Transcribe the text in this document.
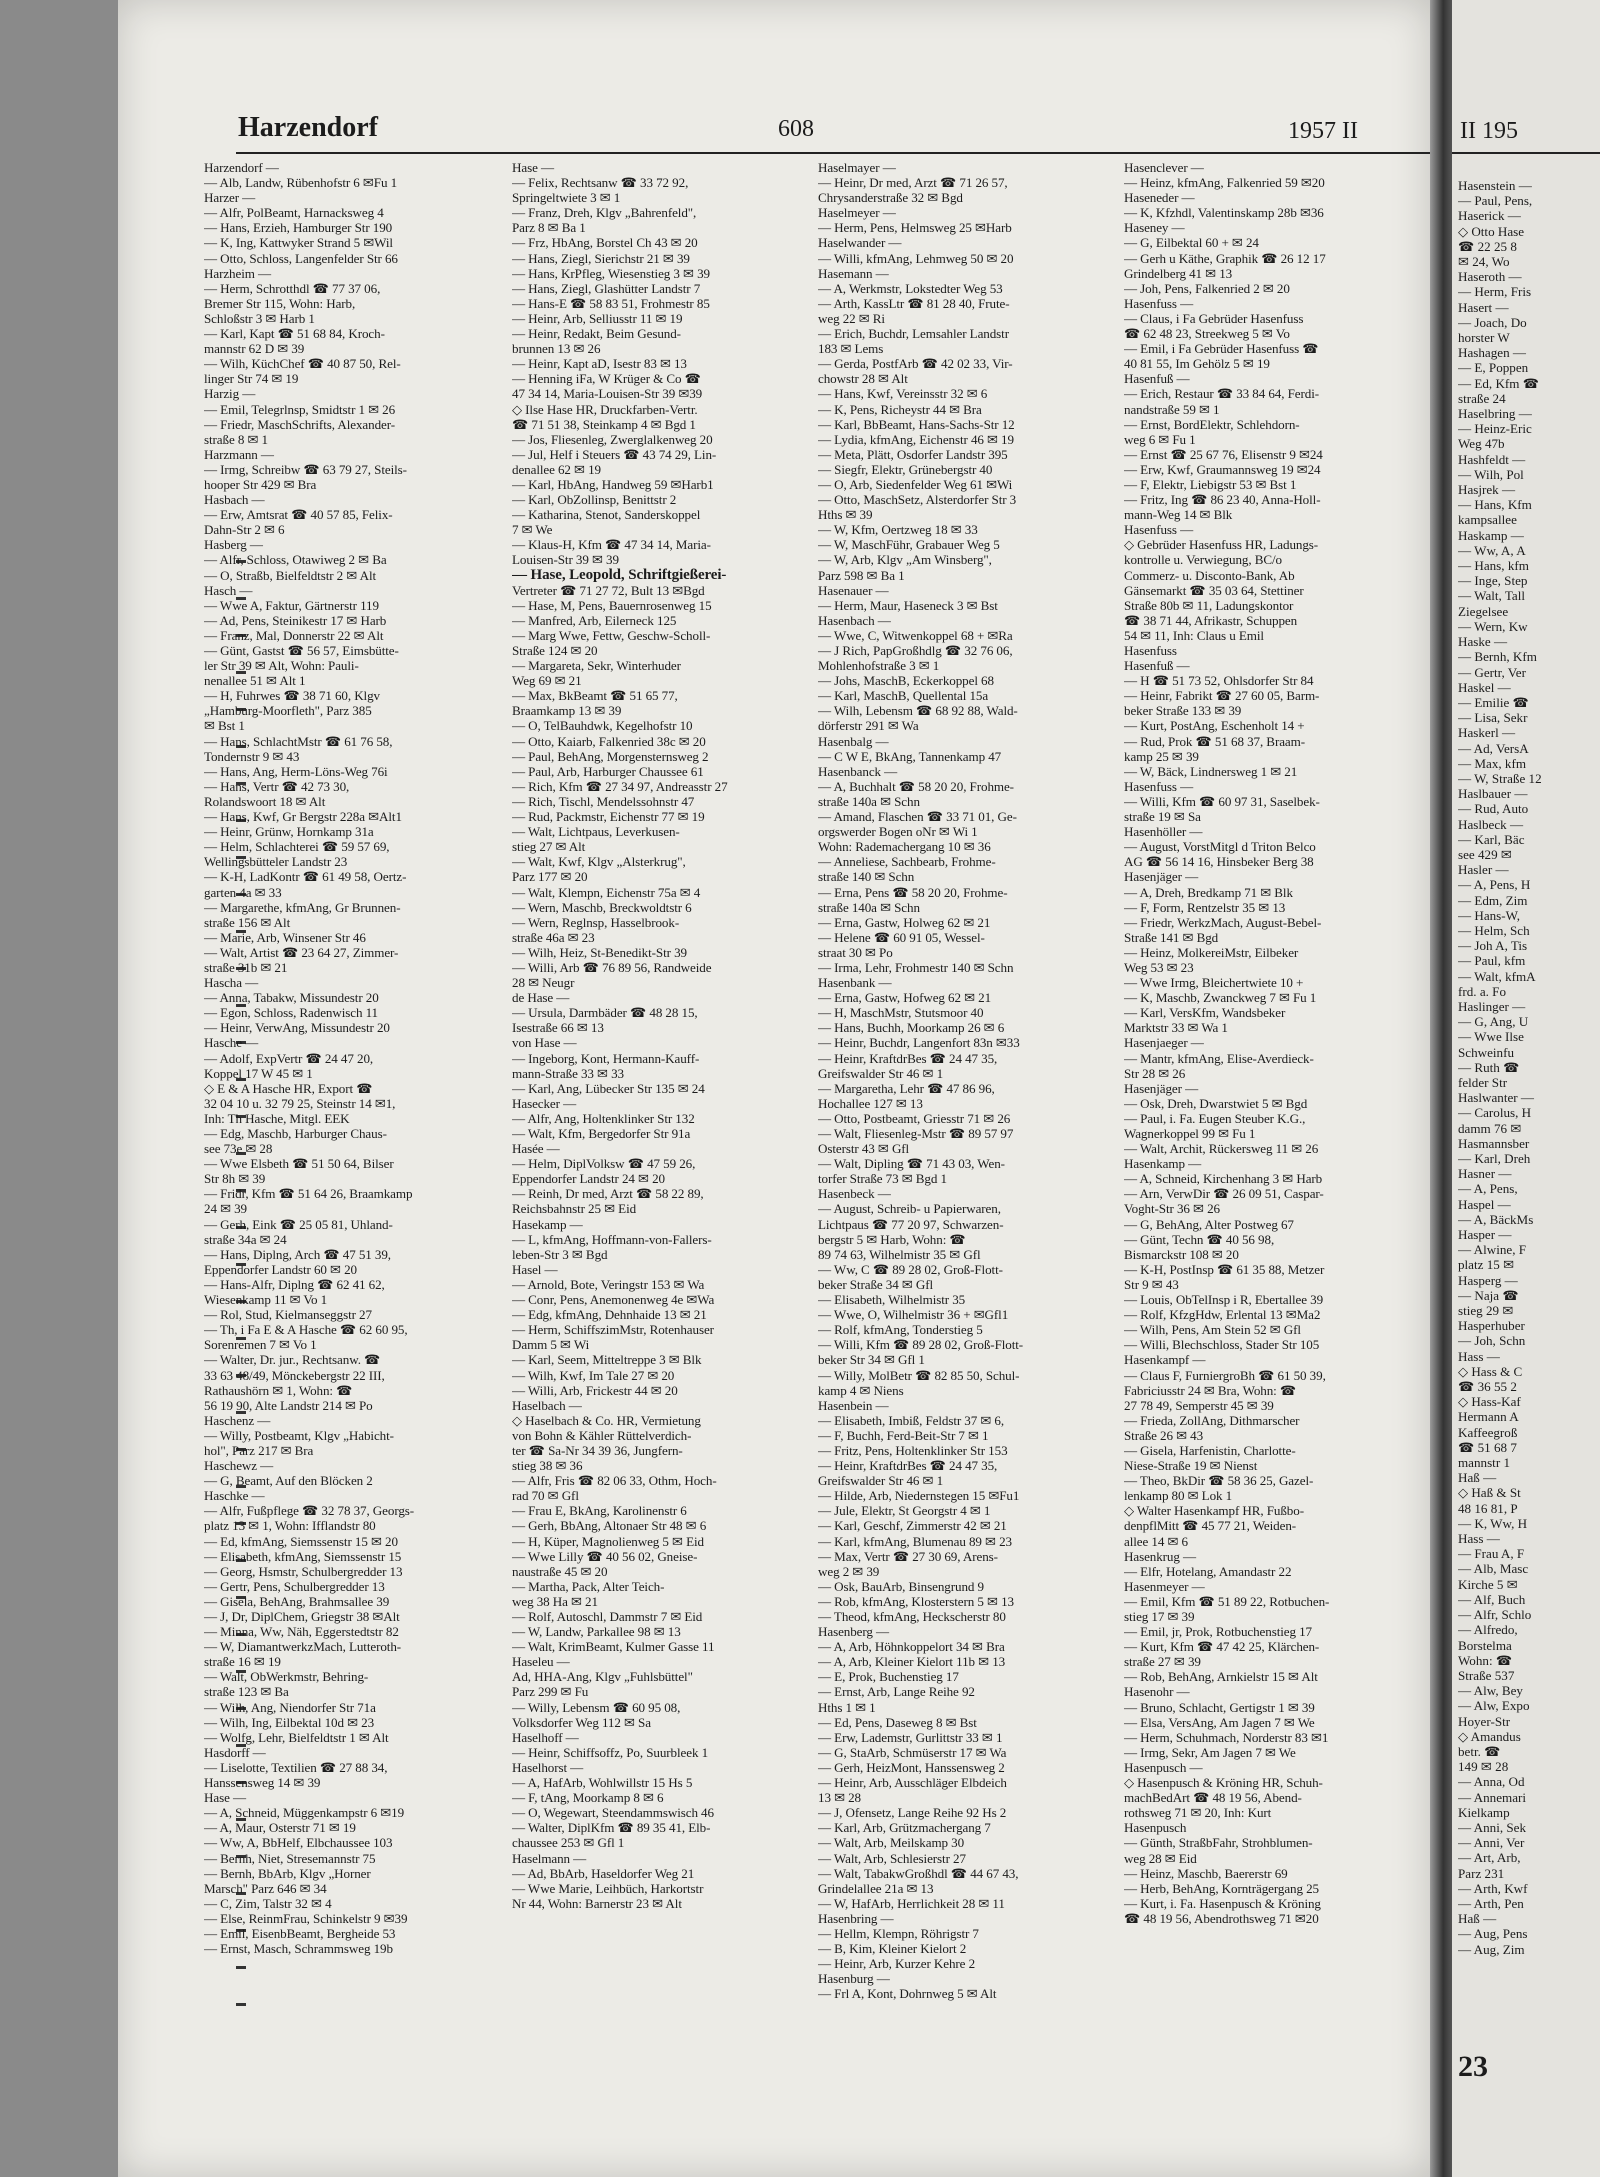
Harzendorf	608	1957 II
Harzendorf —
— Alb, Landw, Rübenhofstr 6 ✉Fu 1
Harzer —
— Alfr, PolBeamt, Harnacksweg 4
— Hans, Erzieh, Hamburger Str 190
— K, Ing, Kattwyker Strand 5 ✉Wil
— Otto, Schloss, Langenfelder Str 66
Harzheim —
— Herm, Schrotthdl ☎ 77 37 06,
Bremer Str 115, Wohn: Harb,
Schloßstr 3 ✉ Harb 1
— Karl, Kapt ☎ 51 68 84, Kroch-
mannstr 62 D ✉ 39
— Wilh, KüchChef ☎ 40 87 50, Rel-
linger Str 74 ✉ 19
Harzig —
— Emil, Telegrlnsp, Smidtstr 1 ✉ 26
— Friedr, MaschSchrifts, Alexander-
straße 8 ✉ 1
Harzmann —
— Irmg, Schreibw ☎ 63 79 27, Steils-
hooper Str 429 ✉ Bra
Hasbach —
— Erw, Amtsrat ☎ 40 57 85, Felix-
Dahn-Str 2 ✉ 6
Hasberg —
— Alfr, Schloss, Otawiweg 2 ✉ Ba
— O, Straßb, Bielfeldtstr 2 ✉ Alt
Hasch —
— Wwe A, Faktur, Gärtnerstr 119
— Ad, Pens, Steinikestr 17 ✉ Harb
— Franz, Mal, Donnerstr 22 ✉ Alt
— Günt, Gastst ☎ 56 57, Eimsbütte-
ler Str 39 ✉ Alt, Wohn: Pauli-
nenallee 51 ✉ Alt 1
— H, Fuhrwes ☎ 38 71 60, Klgv
„Hamburg-Moorfleth", Parz 385
✉ Bst 1
— Hans, SchlachtMstr ☎ 61 76 58,
Tondernstr 9 ✉ 43
— Hans, Ang, Herm-Löns-Weg 76i
— Hans, Vertr ☎ 42 73 30,
Rolandswoort 18 ✉ Alt
— Hans, Kwf, Gr Bergstr 228a ✉Alt1
— Heinr, Grünw, Hornkamp 31a
— Helm, Schlachterei ☎ 59 57 69,
Wellingsbütteler Landstr 23
— K-H, LadKontr ☎ 61 49 58, Oertz-
garten 4a ✉ 33
— Margarethe, kfmAng, Gr Brunnen-
straße 156 ✉ Alt
— Marie, Arb, Winsener Str 46
— Walt, Artist ☎ 23 64 27, Zimmer-
straße 31b ✉ 21
Hascha —
— Anna, Tabakw, Missundestr 20
— Egon, Schloss, Radenwisch 11
— Heinr, VerwAng, Missundestr 20
Hasche —
— Adolf, ExpVertr ☎ 24 47 20,
Koppel 17 W 45 ✉ 1
◇ E & A Hasche HR, Export ☎
32 04 10 u. 32 79 25, Steinstr 14 ✉1,
Inh: Th Hasche, Mitgl. EEK
— Edg, Maschb, Harburger Chaus-
see 73e ✉ 28
— Wwe Elsbeth ☎ 51 50 64, Bilser
Str 8h ✉ 39
— Fridr, Kfm ☎ 51 64 26, Braamkamp
24 ✉ 39
— Gerh, Eink ☎ 25 05 81, Uhland-
straße 34a ✉ 24
— Hans, Diplng, Arch ☎ 47 51 39,
Eppendorfer Landstr 60 ✉ 20
— Hans-Alfr, Diplng ☎ 62 41 62,
Wiesenkamp 11 ✉ Vo 1
— Rol, Stud, Kielmanseggstr 27
— Th, i Fa E & A Hasche ☎ 62 60 95,
Sorenremen 7 ✉ Vo 1
— Walter, Dr. jur., Rechtsanw. ☎
33 63 48/49, Mönckebergstr 22 III,
Rathaushörn ✉ 1, Wohn: ☎
56 19 90, Alte Landstr 214 ✉ Po
Haschenz —
— Willy, Postbeamt, Klgv „Habicht-
hol", Parz 217 ✉ Bra
Haschewz —
— G, Beamt, Auf den Blöcken 2
Haschke —
— Alfr, Fußpflege ☎ 32 78 37, Georgs-
platz 13 ✉ 1, Wohn: Ifflandstr 80
— Ed, kfmAng, Siemssenstr 15 ✉ 20
— Elisabeth, kfmAng, Siemssenstr 15
— Georg, Hsmstr, Schulbergredder 13
— Gertr, Pens, Schulbergredder 13
— Gisela, BehAng, Brahmsallee 39
— J, Dr, DiplChem, Griegstr 38 ✉Alt
— Minna, Ww, Näh, Eggerstedtstr 82
— W, DiamantwerkzMach, Lutteroth-
straße 16 ✉ 19
— Walt, ObWerkmstr, Behring-
straße 123 ✉ Ba
— Wilh, Ang, Niendorfer Str 71a
— Wilh, Ing, Eilbektal 10d ✉ 23
— Wolfg, Lehr, Bielfeldtstr 1 ✉ Alt
Hasdorff —
— Liselotte, Textilien ☎ 27 88 34,
Hanssensweg 14 ✉ 39
Hase —
— A, Schneid, Müggenkampstr 6 ✉19
— A, Maur, Osterstr 71 ✉ 19
— Ww, A, BbHelf, Elbchaussee 103
— Bernh, Niet, Stresemannstr 75
— Bernh, BbArb, Klgv „Horner
Marsch" Parz 646 ✉ 34
— C, Zim, Talstr 32 ✉ 4
— Else, ReinmFrau, Schinkelstr 9 ✉39
— Emil, EisenbBeamt, Bergheide 53
— Ernst, Masch, Schrammsweg 19b
Hase —
— Felix, Rechtsanw ☎ 33 72 92,
Springeltwiete 3 ✉ 1
— Franz, Dreh, Klgv „Bahrenfeld",
Parz 8 ✉ Ba 1
— Frz, HbAng, Borstel Ch 43 ✉ 20
— Hans, Ziegl, Sierichstr 21 ✉ 39
— Hans, KrPfleg, Wiesenstieg 3 ✉ 39
— Hans, Ziegl, Glashütter Landstr 7
— Hans-E ☎ 58 83 51, Frohmestr 85
— Heinr, Arb, Selliusstr 11 ✉ 19
— Heinr, Redakt, Beim Gesund-
brunnen 13 ✉ 26
— Heinr, Kapt aD, Isestr 83 ✉ 13
— Henning iFa, W Krüger & Co ☎
47 34 14, Maria-Louisen-Str 39 ✉39
◇ Ilse Hase HR, Druckfarben-Vertr.
☎ 71 51 38, Steinkamp 4 ✉ Bgd 1
— Jos, Fliesenleg, Zwerglalkenweg 20
— Jul, Helf i Steuers ☎ 43 74 29, Lin-
denallee 62 ✉ 19
— Karl, HbAng, Handweg 59 ✉Harb1
— Karl, ObZollinsp, Benittstr 2
— Katharina, Stenot, Sanderskoppel
7 ✉ We
— Klaus-H, Kfm ☎ 47 34 14, Maria-
Louisen-Str 39 ✉ 39
— Hase, Leopold, Schriftgießerei-
Vertreter ☎ 71 27 72, Bult 13 ✉Bgd
— Hase, M, Pens, Bauernrosenweg 15
— Manfred, Arb, Eilerneck 125
— Marg Wwe, Fettw, Geschw-Scholl-
Straße 124 ✉ 20
— Margareta, Sekr, Winterhuder
Weg 69 ✉ 21
— Max, BkBeamt ☎ 51 65 77,
Braamkamp 13 ✉ 39
— O, TelBauhdwk, Kegelhofstr 10
— Otto, Kaiarb, Falkenried 38c ✉ 20
— Paul, BehAng, Morgensternsweg 2
— Paul, Arb, Harburger Chaussee 61
— Rich, Kfm ☎ 27 34 97, Andreasstr 27
— Rich, Tischl, Mendelssohnstr 47
— Rud, Packmstr, Eichenstr 77 ✉ 19
— Walt, Lichtpaus, Leverkusen-
stieg 27 ✉ Alt
— Walt, Kwf, Klgv „Alsterkrug",
Parz 177 ✉ 20
— Walt, Klempn, Eichenstr 75a ✉ 4
— Wern, Maschb, Breckwoldtstr 6
— Wern, Reglnsp, Hasselbrook-
straße 46a ✉ 23
— Wilh, Heiz, St-Benedikt-Str 39
— Willi, Arb ☎ 76 89 56, Randweide
28 ✉ Neugr
de Hase —
— Ursula, Darmbäder ☎ 48 28 15,
Isestraße 66 ✉ 13
von Hase —
— Ingeborg, Kont, Hermann-Kauff-
mann-Straße 33 ✉ 33
— Karl, Ang, Lübecker Str 135 ✉ 24
Hasecker —
— Alfr, Ang, Holtenklinker Str 132
— Walt, Kfm, Bergedorfer Str 91a
Hasée —
— Helm, DiplVolksw ☎ 47 59 26,
Eppendorfer Landstr 24 ✉ 20
— Reinh, Dr med, Arzt ☎ 58 22 89,
Reichsbahnstr 25 ✉ Eid
Hasekamp —
— L, kfmAng, Hoffmann-von-Fallers-
leben-Str 3 ✉ Bgd
Hasel —
— Arnold, Bote, Veringstr 153 ✉ Wa
— Conr, Pens, Anemonenweg 4e ✉Wa
— Edg, kfmAng, Dehnhaide 13 ✉ 21
— Herm, SchiffszimMstr, Rotenhauser
Damm 5 ✉ Wi
— Karl, Seem, Mitteltreppe 3 ✉ Blk
— Wilh, Kwf, Im Tale 27 ✉ 20
— Willi, Arb, Frickestr 44 ✉ 20
Haselbach —
◇ Haselbach & Co. HR, Vermietung
von Bohn & Kähler Rüttelverdich-
ter ☎ Sa-Nr 34 39 36, Jungfern-
stieg 38 ✉ 36
— Alfr, Fris ☎ 82 06 33, Othm, Hoch-
rad 70 ✉ Gfl
— Frau E, BkAng, Karolinenstr 6
— Gerh, BbAng, Altonaer Str 48 ✉ 6
— H, Küper, Magnolienweg 5 ✉ Eid
— Wwe Lilly ☎ 40 56 02, Gneise-
naustraße 45 ✉ 20
— Martha, Pack, Alter Teich-
weg 38 Ha ✉ 21
— Rolf, Autoschl, Dammstr 7 ✉ Eid
— W, Landw, Parkallee 98 ✉ 13
— Walt, KrimBeamt, Kulmer Gasse 11
Haseleu —
Ad, HHA-Ang, Klgv „Fuhlsbüttel"
Parz 299 ✉ Fu
— Willy, Lebensm ☎ 60 95 08,
Volksdorfer Weg 112 ✉ Sa
Haselhoff —
— Heinr, Schiffsoffz, Po, Suurbleek 1
Haselhorst —
— A, HafArb, Wohlwillstr 15 Hs 5
— F, tAng, Moorkamp 8 ✉ 6
— O, Wegewart, Steendammswisch 46
— Walter, DiplKfm ☎ 89 35 41, Elb-
chaussee 253 ✉ Gfl 1
Haselmann —
— Ad, BbArb, Haseldorfer Weg 21
— Wwe Marie, Leihbüch, Harkortstr
Nr 44, Wohn: Barnerstr 23 ✉ Alt
Haselmayer —
— Heinr, Dr med, Arzt ☎ 71 26 57,
Chrysanderstraße 32 ✉ Bgd
Haselmeyer —
— Herm, Pens, Helmsweg 25 ✉Harb
Haselwander —
— Willi, kfmAng, Lehmweg 50 ✉ 20
Hasemann —
— A, Werkmstr, Lokstedter Weg 53
— Arth, KassLtr ☎ 81 28 40, Frute-
weg 22 ✉ Ri
— Erich, Buchdr, Lemsahler Landstr
183 ✉ Lems
— Gerda, PostfArb ☎ 42 02 33, Vir-
chowstr 28 ✉ Alt
— Hans, Kwf, Vereinsstr 32 ✉ 6
— K, Pens, Richeystr 44 ✉ Bra
— Karl, BbBeamt, Hans-Sachs-Str 12
— Lydia, kfmAng, Eichenstr 46 ✉ 19
— Meta, Plätt, Osdorfer Landstr 395
— Siegfr, Elektr, Grünebergstr 40
— O, Arb, Siedenfelder Weg 61 ✉Wi
— Otto, MaschSetz, Alsterdorfer Str 3
Hths ✉ 39
— W, Kfm, Oertzweg 18 ✉ 33
— W, MaschFühr, Grabauer Weg 5
— W, Arb, Klgv „Am Winsberg",
Parz 598 ✉ Ba 1
Hasenauer —
— Herm, Maur, Haseneck 3 ✉ Bst
Hasenbach —
— Wwe, C, Witwenkoppel 68 + ✉Ra
— J Rich, PapGroßhdlg ☎ 32 76 06,
Mohlenhofstraße 3 ✉ 1
— Johs, MaschB, Eckerkoppel 68
— Karl, MaschB, Quellental 15a
— Wilh, Lebensm ☎ 68 92 88, Wald-
dörferstr 291 ✉ Wa
Hasenbalg —
— C W E, BkAng, Tannenkamp 47
Hasenbanck —
— A, Buchhalt ☎ 58 20 20, Frohme-
straße 140a ✉ Schn
— Amand, Flaschen ☎ 33 71 01, Ge-
orgswerder Bogen oNr ✉ Wi 1
Wohn: Rademachergang 10 ✉ 36
— Anneliese, Sachbearb, Frohme-
straße 140 ✉ Schn
— Erna, Pens ☎ 58 20 20, Frohme-
straße 140a ✉ Schn
— Erna, Gastw, Holweg 62 ✉ 21
— Helene ☎ 60 91 05, Wessel-
straat 30 ✉ Po
— Irma, Lehr, Frohmestr 140 ✉ Schn
Hasenbank —
— Erna, Gastw, Hofweg 62 ✉ 21
— H, MaschMstr, Stutsmoor 40
— Hans, Buchh, Moorkamp 26 ✉ 6
— Heinr, Buchdr, Langenfort 83n ✉33
— Heinr, KraftdrBes ☎ 24 47 35,
Greifswalder Str 46 ✉ 1
— Margaretha, Lehr ☎ 47 86 96,
Hochallee 127 ✉ 13
— Otto, Postbeamt, Griesstr 71 ✉ 26
— Walt, Fliesenleg-Mstr ☎ 89 57 97
Osterstr 43 ✉ Gfl
— Walt, Dipling ☎ 71 43 03, Wen-
torfer Straße 73 ✉ Bgd 1
Hasenbeck —
— August, Schreib- u Papierwaren,
Lichtpaus ☎ 77 20 97, Schwarzen-
bergstr 5 ✉ Harb, Wohn: ☎
89 74 63, Wilhelmistr 35 ✉ Gfl
— Ww, C ☎ 89 28 02, Groß-Flott-
beker Straße 34 ✉ Gfl
— Elisabeth, Wilhelmistr 35
— Wwe, O, Wilhelmistr 36 + ✉Gfl1
— Rolf, kfmAng, Tonderstieg 5
— Willi, Kfm ☎ 89 28 02, Groß-Flott-
beker Str 34 ✉ Gfl 1
— Willy, MolBetr ☎ 82 85 50, Schul-
kamp 4 ✉ Niens
Hasenbein —
— Elisabeth, Imbiß, Feldstr 37 ✉ 6,
— F, Buchh, Ferd-Beit-Str 7 ✉ 1
— Fritz, Pens, Holtenklinker Str 153
— Heinr, KraftdrBes ☎ 24 47 35,
Greifswalder Str 46 ✉ 1
— Hilde, Arb, Niedernstegen 15 ✉Fu1
— Jule, Elektr, St Georgstr 4 ✉ 1
— Karl, Geschf, Zimmerstr 42 ✉ 21
— Karl, kfmAng, Blumenau 89 ✉ 23
— Max, Vertr ☎ 27 30 69, Arens-
weg 2 ✉ 39
— Osk, BauArb, Binsengrund 9
— Rob, kfmAng, Klosterstern 5 ✉ 13
— Theod, kfmAng, Heckscherstr 80
Hasenberg —
— A, Arb, Höhnkoppelort 34 ✉ Bra
— A, Arb, Kleiner Kielort 11b ✉ 13
— E, Prok, Buchenstieg 17
— Ernst, Arb, Lange Reihe 92
Hths 1 ✉ 1
— Ed, Pens, Daseweg 8 ✉ Bst
— Erw, Lademstr, Gurlittstr 33 ✉ 1
— G, StaArb, Schmüserstr 17 ✉ Wa
— Gerh, HeizMont, Hanssensweg 2
— Heinr, Arb, Ausschläger Elbdeich
13 ✉ 28
— J, Ofensetz, Lange Reihe 92 Hs 2
— Karl, Arb, Grützmachergang 7
— Walt, Arb, Meilskamp 30
— Walt, Arb, Schlesierstr 27
— Walt, TabakwGroßhdl ☎ 44 67 43,
Grindelallee 21a ✉ 13
— W, HafArb, Herrlichkeit 28 ✉ 11
Hasenbring —
— Hellm, Klempn, Röhrigstr 7
— B, Kim, Kleiner Kielort 2
— Heinr, Arb, Kurzer Kehre 2
Hasenburg —
— Frl A, Kont, Dohrnweg 5 ✉ Alt
Hasenclever —
— Heinz, kfmAng, Falkenried 59 ✉20
Haseneder —
— K, Kfzhdl, Valentinskamp 28b ✉36
Haseney —
— G, Eilbektal 60 + ✉ 24
— Gerh u Käthe, Graphik ☎ 26 12 17
Grindelberg 41 ✉ 13
— Joh, Pens, Falkenried 2 ✉ 20
Hasenfuss —
— Claus, i Fa Gebrüder Hasenfuss
☎ 62 48 23, Streekweg 5 ✉ Vo
— Emil, i Fa Gebrüder Hasenfuss ☎
40 81 55, Im Gehölz 5 ✉ 19
Hasenfuß —
— Erich, Restaur ☎ 33 84 64, Ferdi-
nandstraße 59 ✉ 1
— Ernst, BordElektr, Schlehdorn-
weg 6 ✉ Fu 1
— Ernst ☎ 25 67 76, Elisenstr 9 ✉24
— Erw, Kwf, Graumannsweg 19 ✉24
— F, Elektr, Liebigstr 53 ✉ Bst 1
— Fritz, Ing ☎ 86 23 40, Anna-Holl-
mann-Weg 14 ✉ Blk
Hasenfuss —
◇ Gebrüder Hasenfuss HR, Ladungs-
kontrolle u. Verwiegung, BC/o
Commerz- u. Disconto-Bank, Ab
Gänsemarkt ☎ 35 03 64, Stettiner
Straße 80b ✉ 11, Ladungskontor
☎ 38 71 44, Afrikastr, Schuppen
54 ✉ 11, Inh: Claus u Emil
Hasenfuss
Hasenfuß —
— H ☎ 51 73 52, Ohlsdorfer Str 84
— Heinr, Fabrikt ☎ 27 60 05, Barm-
beker Straße 133 ✉ 39
— Kurt, PostAng, Eschenholt 14 +
— Rud, Prok ☎ 51 68 37, Braam-
kamp 25 ✉ 39
— W, Bäck, Lindnersweg 1 ✉ 21
Hasenfuss —
— Willi, Kfm ☎ 60 97 31, Saselbek-
straße 19 ✉ Sa
Hasenhöller —
— August, VorstMitgl d Triton Belco
AG ☎ 56 14 16, Hinsbeker Berg 38
Hasenjäger —
— A, Dreh, Bredkamp 71 ✉ Blk
— F, Form, Rentzelstr 35 ✉ 13
— Friedr, WerkzMach, August-Bebel-
Straße 141 ✉ Bgd
— Heinz, MolkereiMstr, Eilbeker
Weg 53 ✉ 23
— Wwe Irmg, Bleichertwiete 10 +
— K, Maschb, Zwanckweg 7 ✉ Fu 1
— Karl, VersKfm, Wandsbeker
Marktstr 33 ✉ Wa 1
Hasenjaeger —
— Mantr, kfmAng, Elise-Averdieck-
Str 28 ✉ 26
Hasenjäger —
— Osk, Dreh, Dwarstwiet 5 ✉ Bgd
— Paul, i. Fa. Eugen Steuber K.G.,
Wagnerkoppel 99 ✉ Fu 1
— Walt, Archit, Rückersweg 11 ✉ 26
Hasenkamp —
— A, Schneid, Kirchenhang 3 ✉ Harb
— Arn, VerwDir ☎ 26 09 51, Caspar-
Voght-Str 36 ✉ 26
— G, BehAng, Alter Postweg 67
— Günt, Techn ☎ 40 56 98,
Bismarckstr 108 ✉ 20
— K-H, PostInsp ☎ 61 35 88, Metzer
Str 9 ✉ 43
— Louis, ObTelInsp i R, Ebertallee 39
— Rolf, KfzgHdw, Erlental 13 ✉Ma2
— Wilh, Pens, Am Stein 52 ✉ Gfl
— Willi, Blechschloss, Stader Str 105
Hasenkampf —
— Claus F, FurniergroBh ☎ 61 50 39,
Fabriciusstr 24 ✉ Bra, Wohn: ☎
27 78 49, Semperstr 45 ✉ 39
— Frieda, ZollAng, Dithmarscher
Straße 26 ✉ 43
— Gisela, Harfenistin, Charlotte-
Niese-Straße 19 ✉ Nienst
— Theo, BkDir ☎ 58 36 25, Gazel-
lenkamp 80 ✉ Lok 1
◇ Walter Hasenkampf HR, Fußbo-
denpflMitt ☎ 45 77 21, Weiden-
allee 14 ✉ 6
Hasenkrug —
— Elfr, Hotelang, Amandastr 22
Hasenmeyer —
— Emil, Kfm ☎ 51 89 22, Rotbuchen-
stieg 17 ✉ 39
— Emil, jr, Prok, Rotbuchenstieg 17
— Kurt, Kfm ☎ 47 42 25, Klärchen-
straße 27 ✉ 39
— Rob, BehAng, Arnkielstr 15 ✉ Alt
Hasenohr —
— Bruno, Schlacht, Gertigstr 1 ✉ 39
— Elsa, VersAng, Am Jagen 7 ✉ We
— Herm, Schuhmach, Norderstr 83 ✉1
— Irmg, Sekr, Am Jagen 7 ✉ We
Hasenpusch —
◇ Hasenpusch & Kröning HR, Schuh-
machBedArt ☎ 48 19 56, Abend-
rothsweg 71 ✉ 20, Inh: Kurt
Hasenpusch
— Günth, StraßbFahr, Strohblumen-
weg 28 ✉ Eid
— Heinz, Maschb, Baererstr 69
— Herb, BehAng, Kornträgergang 25
— Kurt, i. Fa. Hasenpusch & Kröning
☎ 48 19 56, Abendrothsweg 71 ✉20
II 195
Hasenstein —
— Paul, Pens,
Haserick —
◇ Otto Hase
☎ 22 25 8
✉ 24, Wo
Haseroth —
— Herm, Fris
Hasert —
— Joach, Do
horster W
Hashagen —
— E, Poppen
— Ed, Kfm ☎
straße 24
Haselbring —
— Heinz-Eric
Weg 47b
Hashfeldt —
— Wilh, Pol
Hasjrek —
— Hans, Kfm
kampsallee
Haskamp —
— Ww, A, A
— Hans, kfm
— Inge, Step
— Walt, Tall
Ziegelsee
— Wern, Kw
Haske —
— Bernh, Kfm
— Gertr, Ver
Haskel —
— Emilie ☎
— Lisa, Sekr
Haskerl —
— Ad, VersA
— Max, kfm
— W, Straße 12
Haslbauer —
— Rud, Auto
Haslbeck —
— Karl, Bäc
see 429 ✉
Hasler —
— A, Pens, H
— Edm, Zim
— Hans-W,
— Helm, Sch
— Joh A, Tis
— Paul, kfm
— Walt, kfmA
frd. a. Fo
Haslinger —
— G, Ang, U
— Wwe Ilse
Schweinfu
— Ruth ☎
felder Str
Haslwanter —
— Carolus, H
damm 76 ✉
Hasmannsber
— Karl, Dreh
Hasner —
— A, Pens,
Haspel —
— A, BäckMs
Hasper —
— Alwine, F
platz 15 ✉
Hasperg —
— Naja ☎
stieg 29 ✉
Hasperhuber
— Joh, Schn
Hass —
◇ Hass & C
☎ 36 55 2
◇ Hass-Kaf
Hermann A
Kaffeegroß
☎ 51 68 7
mannstr 1
Haß —
◇ Haß & St
48 16 81, P
— K, Ww, H
Hass —
— Frau A, F
— Alb, Masc
Kirche 5 ✉
— Alf, Buch
— Alfr, Schlo
— Alfredo,
Borstelma
Wohn: ☎
Straße 537
— Alw, Bey
— Alw, Expo
Hoyer-Str
◇ Amandus
betr. ☎
149 ✉ 28
— Anna, Od
— Annemari
Kielkamp
— Anni, Sek
— Anni, Ver
— Art, Arb,
Parz 231
— Arth, Kwf
— Arth, Pen
Haß —
— Aug, Pens
— Aug, Zim
23
